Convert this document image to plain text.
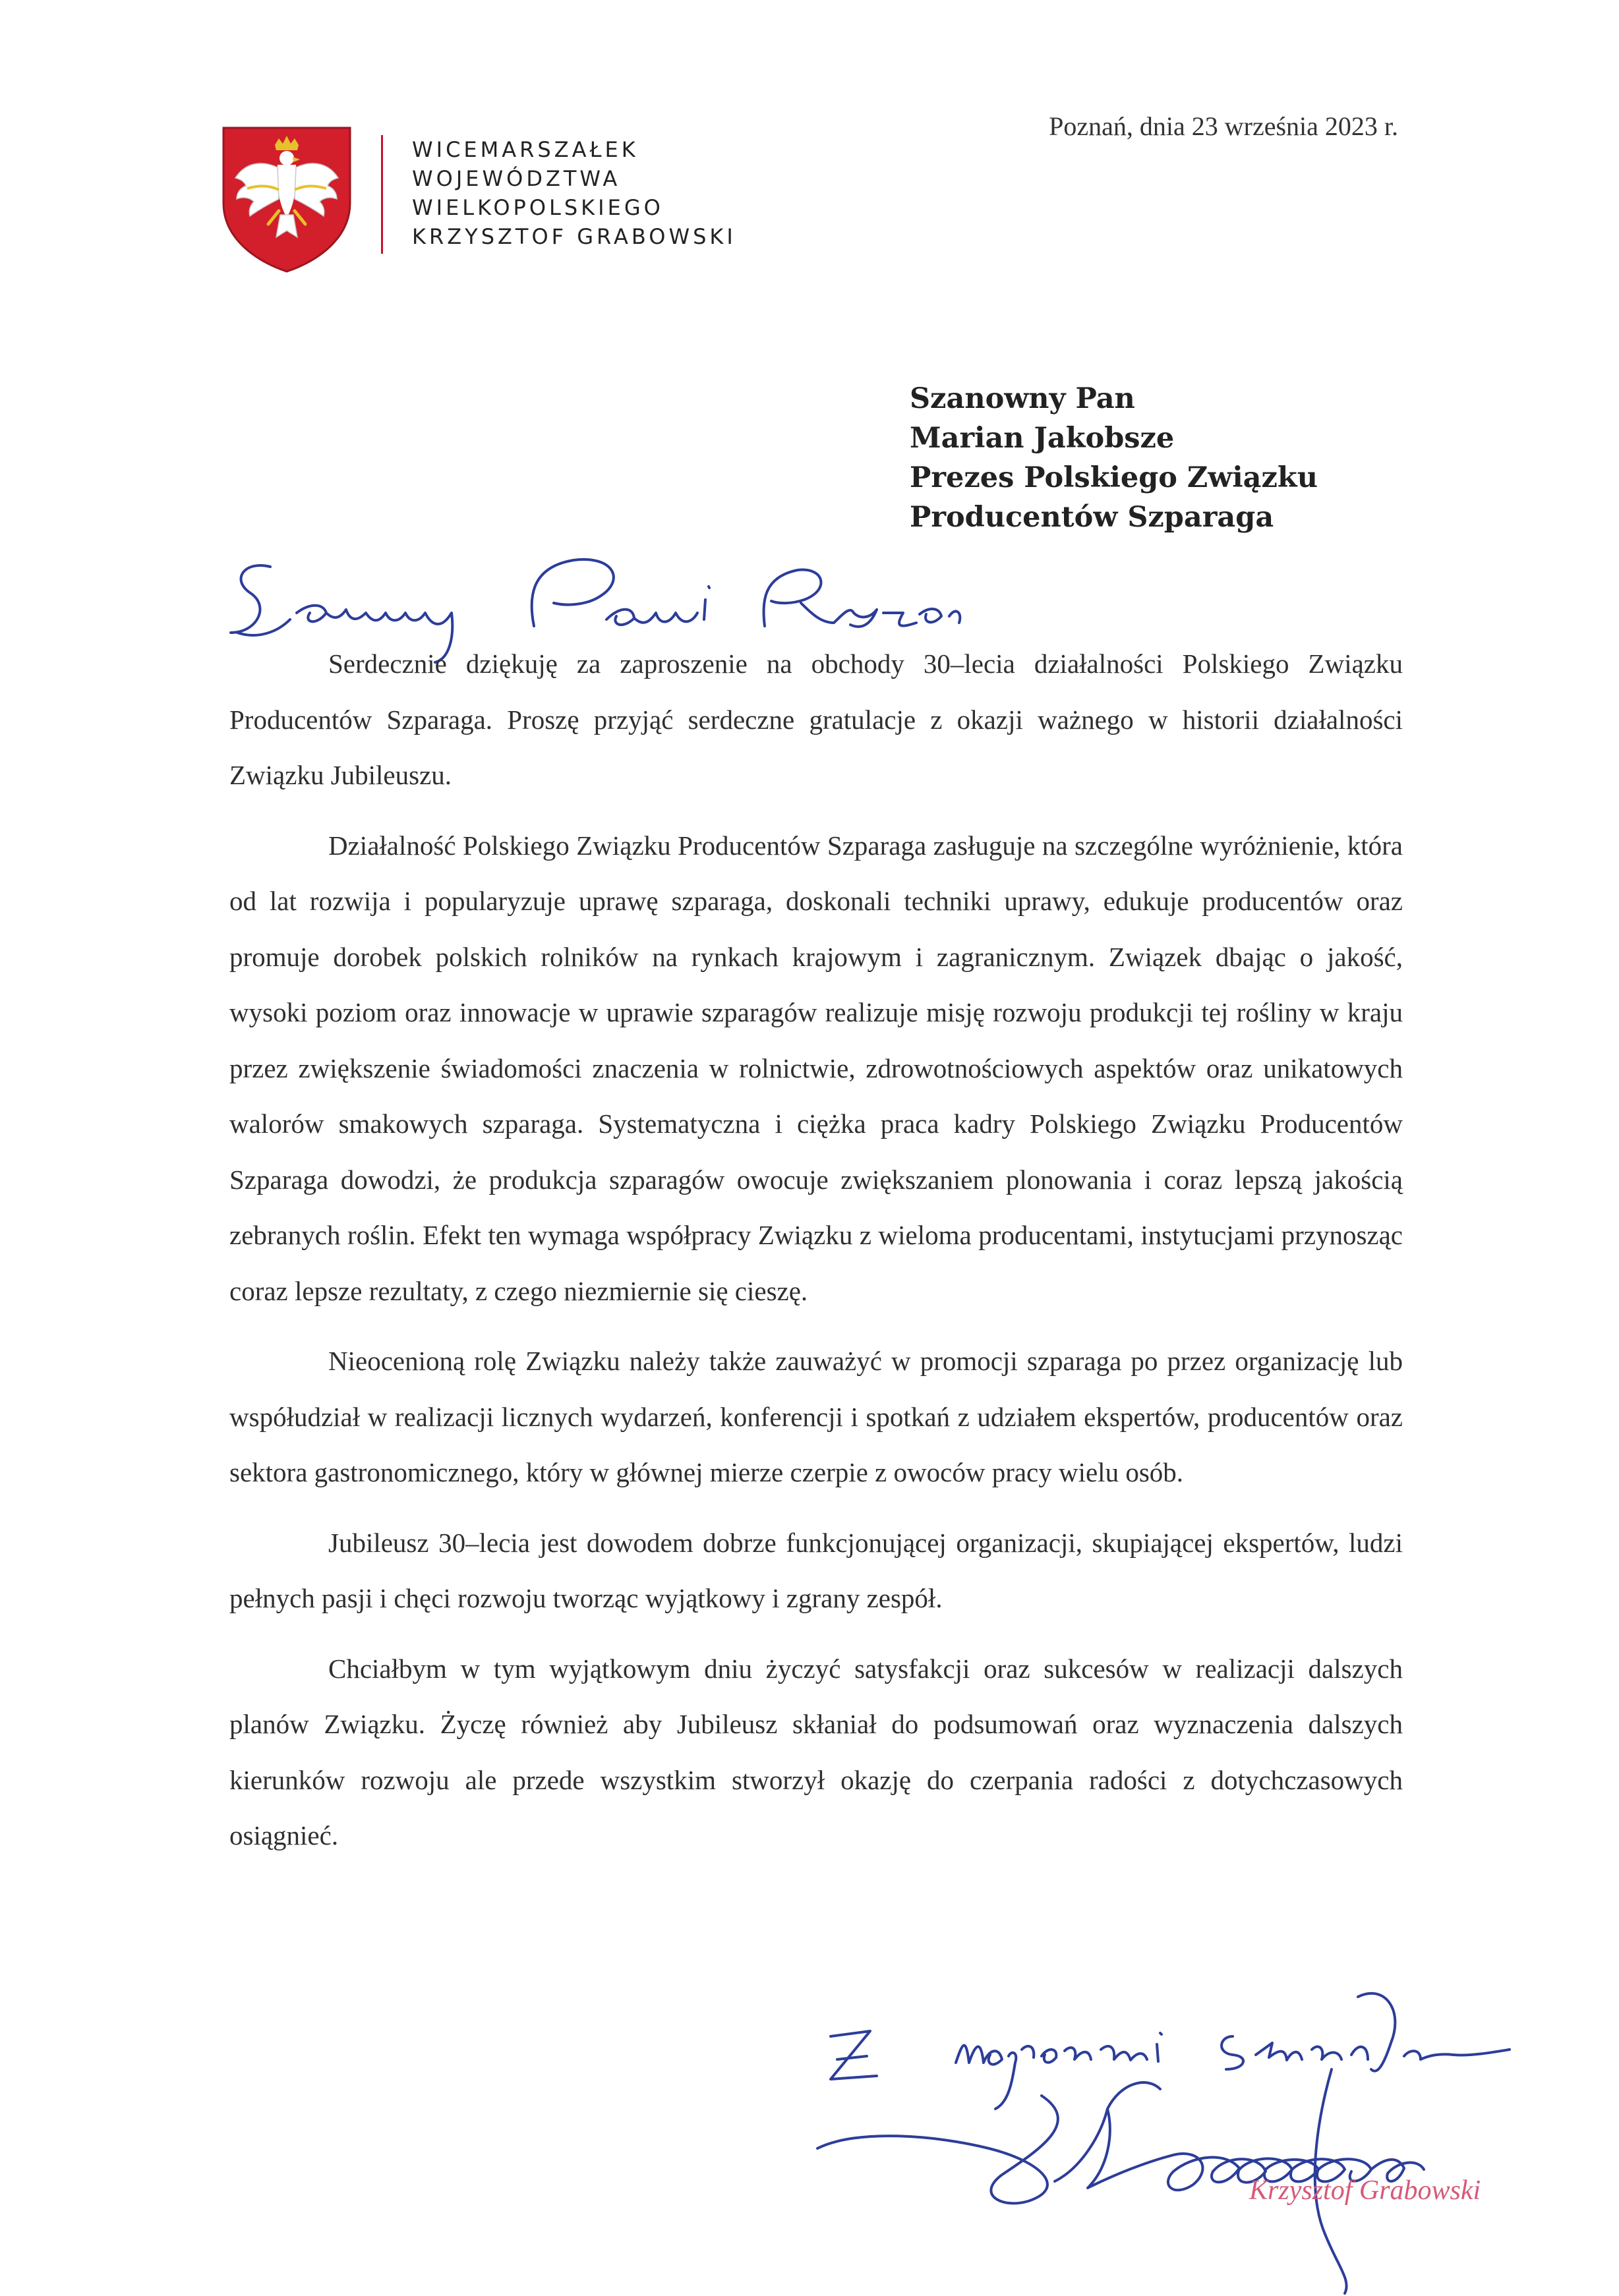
WICEMARSZAŁEK
WOJEWÓDZTWA
WIELKOPOLSKIEGO
KRZYSZTOF GRABOWSKI
Poznań, dnia 23 września 2023 r.
Szanowny Pan
Marian Jakobsze
Prezes Polskiego Związku
Producentów Szparaga

Serdecznie dziękuję za zaproszenie na obchody 30–lecia działalności Polskiego Związku Producentów Szparaga. Proszę przyjąć serdeczne gratulacje z okazji ważnego w historii działalności Związku Jubileuszu.

Działalność Polskiego Związku Producentów Szparaga zasługuje na szczególne wyróżnienie, która od lat rozwija i popularyzuje uprawę szparaga, doskonali techniki uprawy, edukuje producentów oraz promuje dorobek polskich rolników na rynkach krajowym i zagranicznym. Związek dbając o jakość, wysoki poziom oraz innowacje w uprawie szparagów realizuje misję rozwoju produkcji tej rośliny w kraju przez zwiększenie świadomości znaczenia w rolnictwie, zdrowotnościowych aspektów oraz unikatowych walorów smakowych szparaga. Systematyczna i ciężka praca kadry Polskiego Związku Producentów Szparaga dowodzi, że produkcja szparagów owocuje zwiększaniem plonowania i coraz lepszą jakością zebranych roślin. Efekt ten wymaga współpracy Związku z wieloma producentami, instytucjami przynosząc coraz lepsze rezultaty, z czego niezmiernie się cieszę.

Nieocenioną rolę Związku należy także zauważyć w promocji szparaga po przez organizację lub współudział w realizacji licznych wydarzeń, konferencji i spotkań z udziałem ekspertów, producentów oraz sektora gastronomicznego, który w głównej mierze czerpie z owoców pracy wielu osób.

Jubileusz 30–lecia jest dowodem dobrze funkcjonującej organizacji, skupiającej ekspertów, ludzi pełnych pasji i chęci rozwoju tworząc wyjątkowy i zgrany zespół.

Chciałbym w tym wyjątkowym dniu życzyć satysfakcji oraz sukcesów w realizacji dalszych planów Związku. Życzę również aby Jubileusz skłaniał do podsumowań oraz wyznaczenia dalszych kierunków rozwoju ale przede wszystkim stworzył okazję do czerpania radości z dotychczasowych osiągnieć.

Krzysztof Grabowski
